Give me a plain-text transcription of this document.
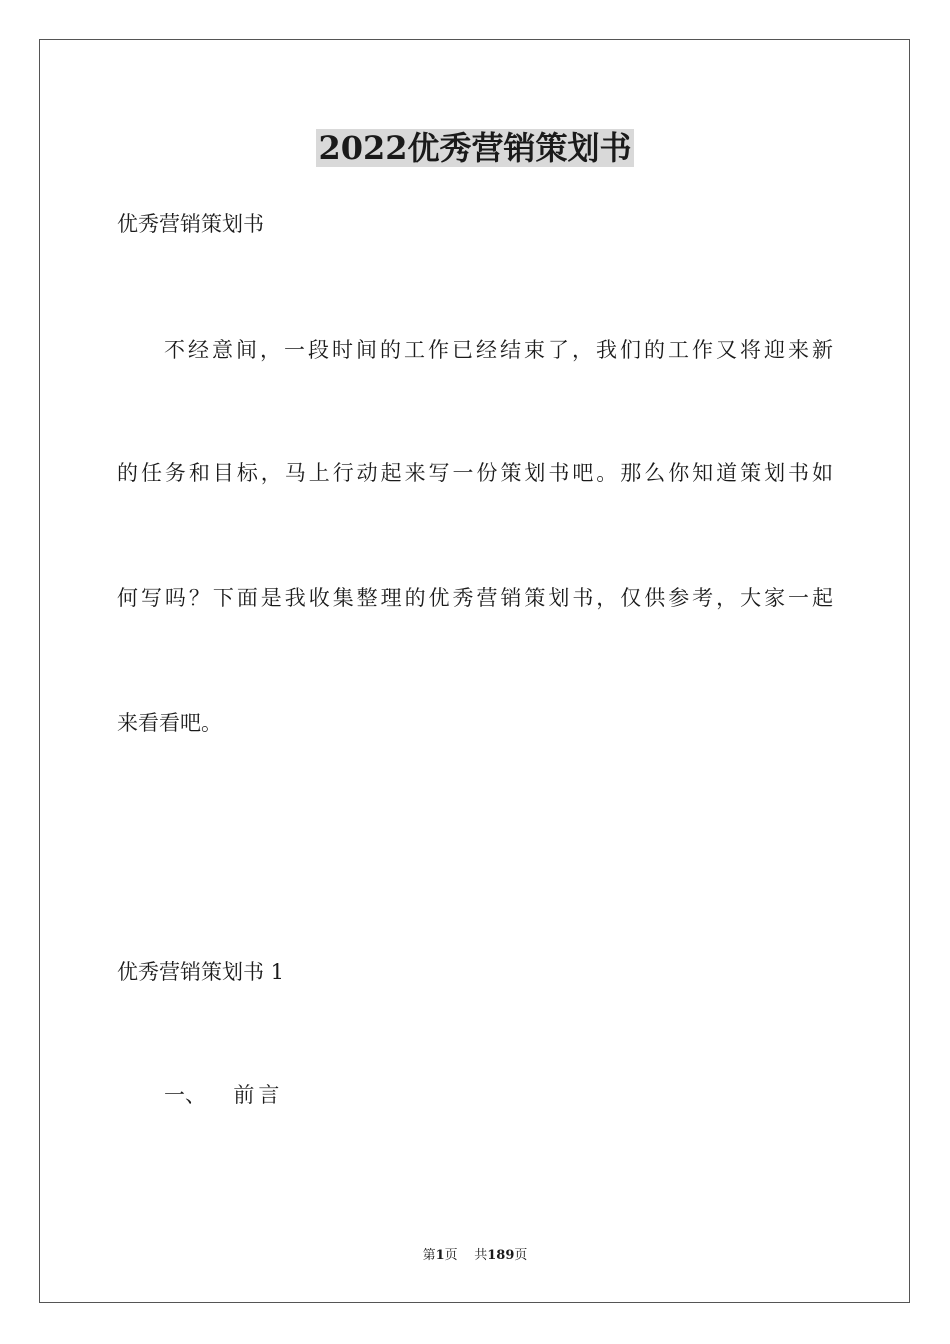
2022优秀营销策划书
优秀营销策划书
不经意间，一段时间的工作已经结束了，我们的工作又将迎来新
的任务和目标，马上行动起来写一份策划书吧。那么你知道策划书如
何写吗？下面是我收集整理的优秀营销策划书，仅供参考，大家一起
来看看吧。
优秀营销策划书 1
一、 前言
第1页 共189页
